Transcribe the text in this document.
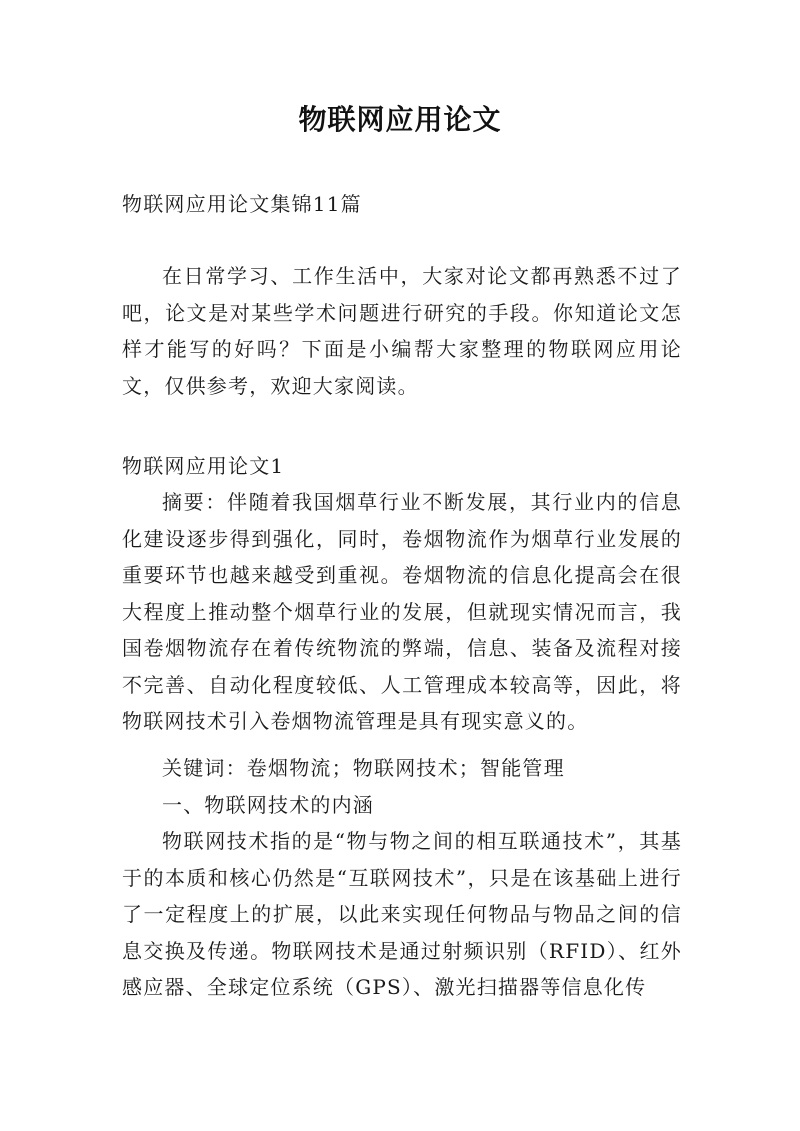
物联网应用论文
物联网应用论文集锦11篇
在日常学习、工作生活中，大家对论文都再熟悉不过了吧，论文是对某些学术问题进行研究的手段。你知道论文怎样才能写的好吗？下面是小编帮大家整理的物联网应用论文，仅供参考，欢迎大家阅读。
物联网应用论文1
摘要：伴随着我国烟草行业不断发展，其行业内的信息化建设逐步得到强化，同时，卷烟物流作为烟草行业发展的重要环节也越来越受到重视。卷烟物流的信息化提高会在很大程度上推动整个烟草行业的发展，但就现实情况而言，我国卷烟物流存在着传统物流的弊端，信息、装备及流程对接不完善、自动化程度较低、人工管理成本较高等，因此，将物联网技术引入卷烟物流管理是具有现实意义的。
关键词：卷烟物流；物联网技术；智能管理
一、物联网技术的内涵
物联网技术指的是“物与物之间的相互联通技术”，其基于的本质和核心仍然是“互联网技术”，只是在该基础上进行了一定程度上的扩展，以此来实现任何物品与物品之间的信息交换及传递。物联网技术是通过射频识别（RFID）、红外感应器、全球定位系统（GPS）、激光扫描器等信息化传
